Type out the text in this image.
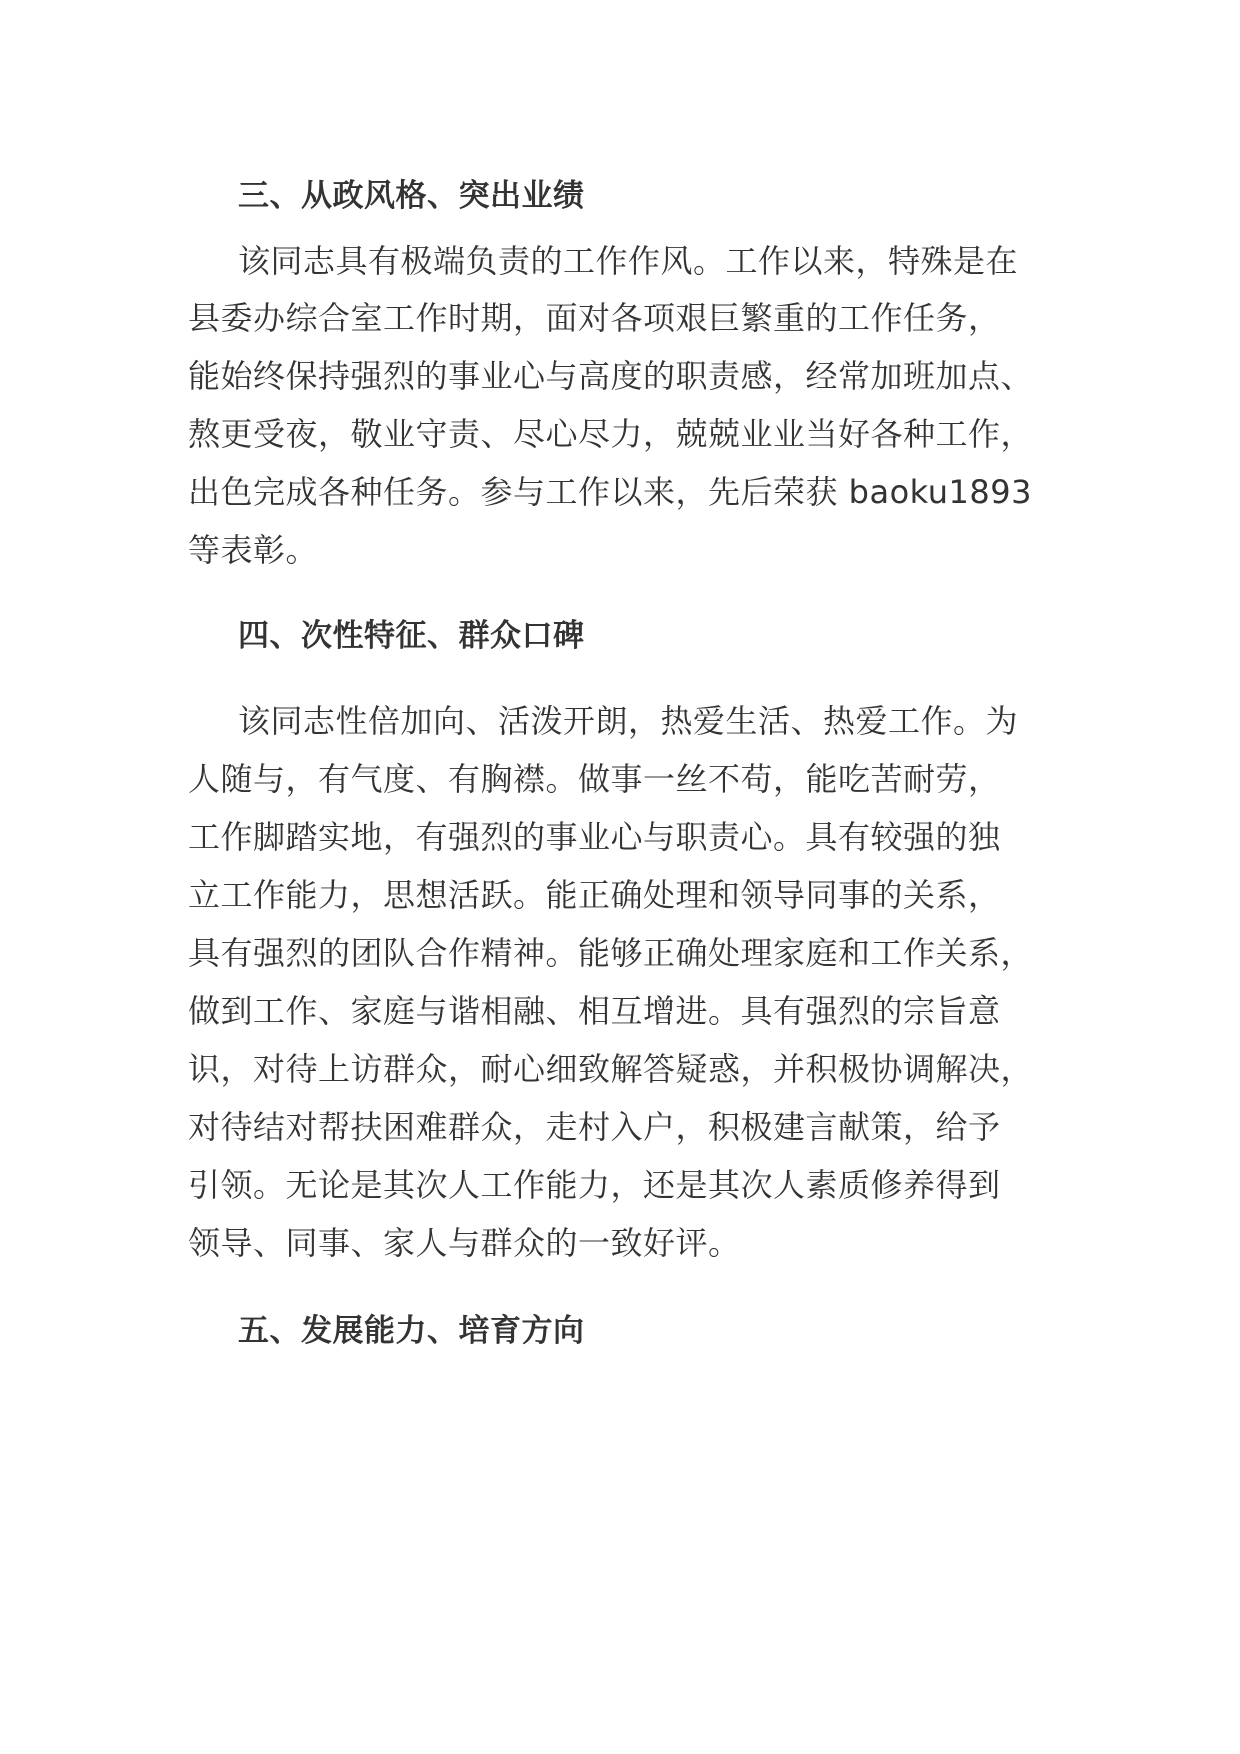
三、从政风格、突出业绩
该同志具有极端负责的工作作风。工作以来，特殊是在
县委办综合室工作时期，面对各项艰巨繁重的工作任务，
能始终保持强烈的事业心与高度的职责感，经常加班加点、
熬更受夜，敬业守责、尽心尽力，兢兢业业当好各种工作，
出色完成各种任务。参与工作以来，先后荣获 baoku1893
等表彰。
四、次性特征、群众口碑
该同志性倍加向、活泼开朗，热爱生活、热爱工作。为
人随与，有气度、有胸襟。做事一丝不苟，能吃苦耐劳，
工作脚踏实地，有强烈的事业心与职责心。具有较强的独
立工作能力，思想活跃。能正确处理和领导同事的关系，
具有强烈的团队合作精神。能够正确处理家庭和工作关系，
做到工作、家庭与谐相融、相互增进。具有强烈的宗旨意
识，对待上访群众，耐心细致解答疑惑，并积极协调解决，
对待结对帮扶困难群众，走村入户，积极建言献策，给予
引领。无论是其次人工作能力，还是其次人素质修养得到
领导、同事、家人与群众的一致好评。
五、发展能力、培育方向
